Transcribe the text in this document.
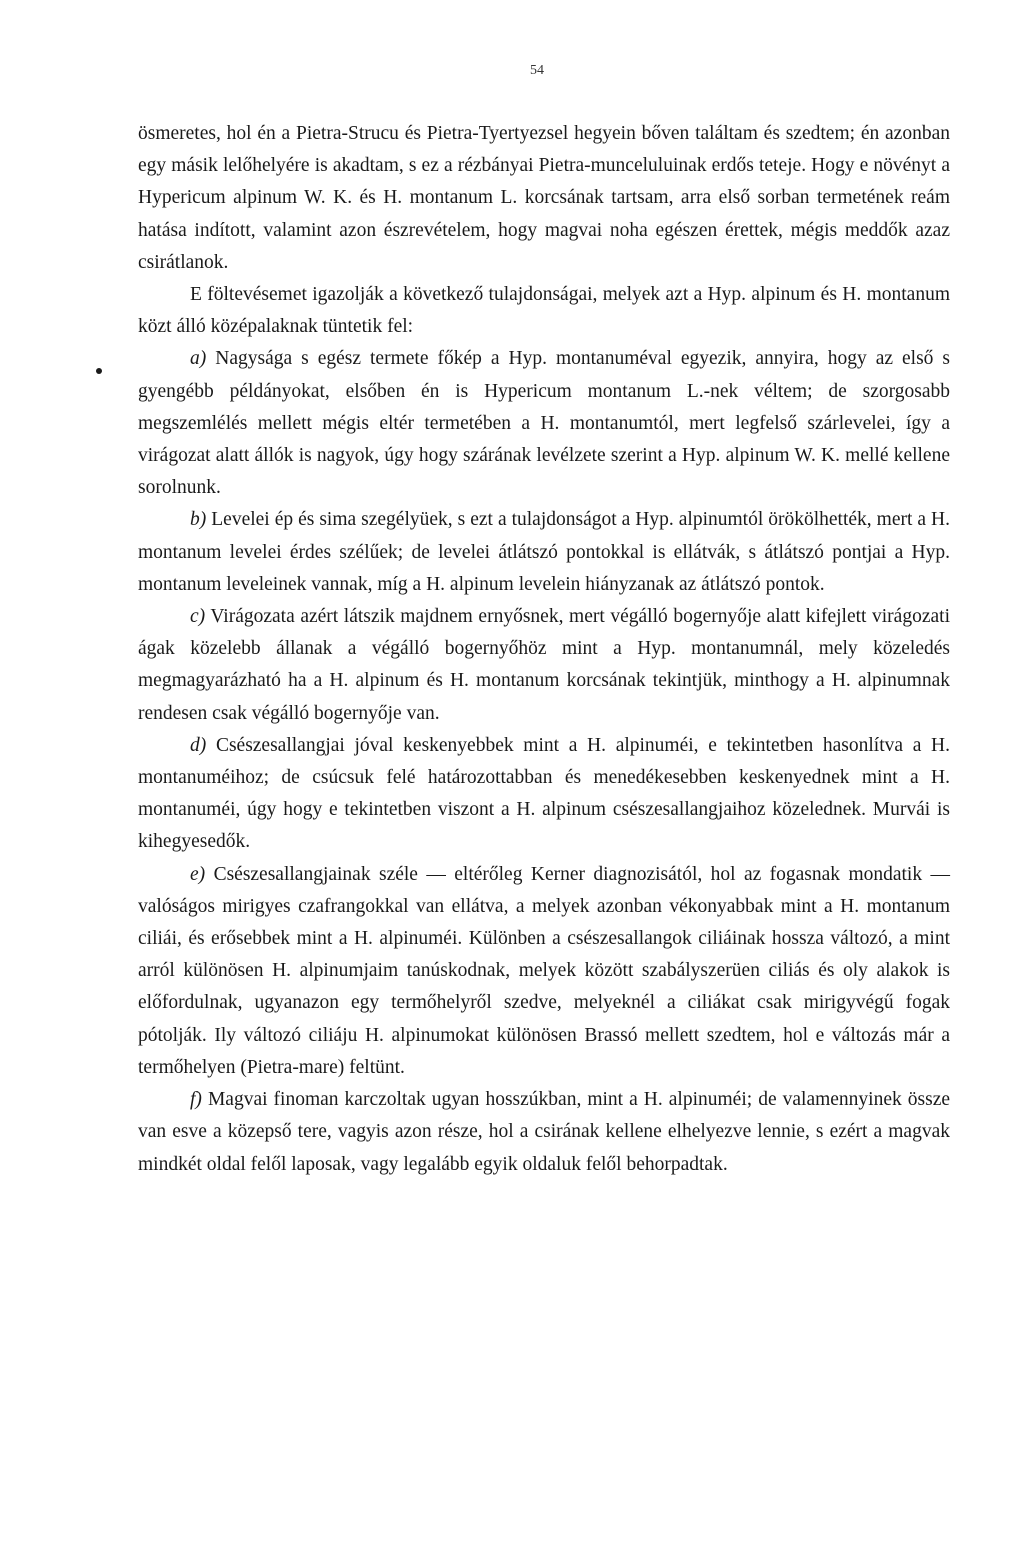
54

ösmeretes, hol én a Pietra-Strucu és Pietra-Tyertyezsel hegyein bőven találtam és szedtem; én azonban egy másik lelőhelyére is akadtam, s ez a rézbányai Pietra-munceluluinak erdős teteje. Hogy e növényt a Hypericum alpinum W. K. és H. montanum L. korcsának tartsam, arra első sorban termetének reám hatása indított, valamint azon észrevételem, hogy magvai noha egészen érettek, mégis meddők azaz csirátlanok.

E föltevésemet igazolják a következő tulajdonságai, melyek azt a Hyp. alpinum és H. montanum közt álló középalaknak tüntetik fel:

a) Nagysága s egész termete főkép a Hyp. montanuméval egyezik, annyira, hogy az első s gyengébb példányokat, elsőben én is Hypericum montanum L.-nek véltem; de szorgosabb megszemlélés mellett mégis eltér termetében a H. montanumtól, mert legfelső szárlevelei, így a virágozat alatt állók is nagyok, úgy hogy szárának levélzete szerint a Hyp. alpinum W. K. mellé kellene sorolnunk.

b) Levelei ép és sima szegélyüek, s ezt a tulajdonságot a Hyp. alpinumtól örökölhették, mert a H. montanum levelei érdes szélűek; de levelei átlátszó pontokkal is ellátvák, s átlátszó pontjai a Hyp. montanum leveleinek vannak, míg a H. alpinum levelein hiányzanak az átlátszó pontok.

c) Virágozata azért látszik majdnem ernyősnek, mert végálló bogernyője alatt kifejlett virágozati ágak közelebb állanak a végálló bogernyőhöz mint a Hyp. montanumnál, mely közeledés megmagyarázható ha a H. alpinum és H. montanum korcsának tekintjük, minthogy a H. alpinumnak rendesen csak végálló bogernyője van.

d) Csészesallangjai jóval keskenyebbek mint a H. alpinuméi, e tekintetben hasonlítva a H. montanuméihoz; de csúcsuk felé határozottabban és menedékesebben keskenyednek mint a H. montanuméi, úgy hogy e tekintetben viszont a H. alpinum csészesallangjaihoz közelednek. Murvái is kihegyesedők.

e) Csészesallangjainak széle — eltérőleg Kerner diagnozisától, hol az fogasnak mondatik — valóságos mirigyes czafrangokkal van ellátva, a melyek azonban vékonyabbak mint a H. montanum ciliái, és erősebbek mint a H. alpinuméi. Különben a csészesallangok ciliáinak hossza változó, a mint arról különösen H. alpinumjaim tanúskodnak, melyek között szabályszerüen ciliás és oly alakok is előfordulnak, ugyanazon egy termőhelyről szedve, melyeknél a ciliákat csak mirigyvégű fogak pótolják. Ily változó ciliáju H. alpinumokat különösen Brassó mellett szedtem, hol e változás már a termőhelyen (Pietra-mare) feltünt.

f) Magvai finoman karczoltak ugyan hosszúkban, mint a H. alpinuméi; de valamennyinek össze van esve a közepső tere, vagyis azon része, hol a csirának kellene elhelyezve lennie, s ezért a magvak mindkét oldal felől laposak, vagy legalább egyik oldaluk felől behorpadtak.
